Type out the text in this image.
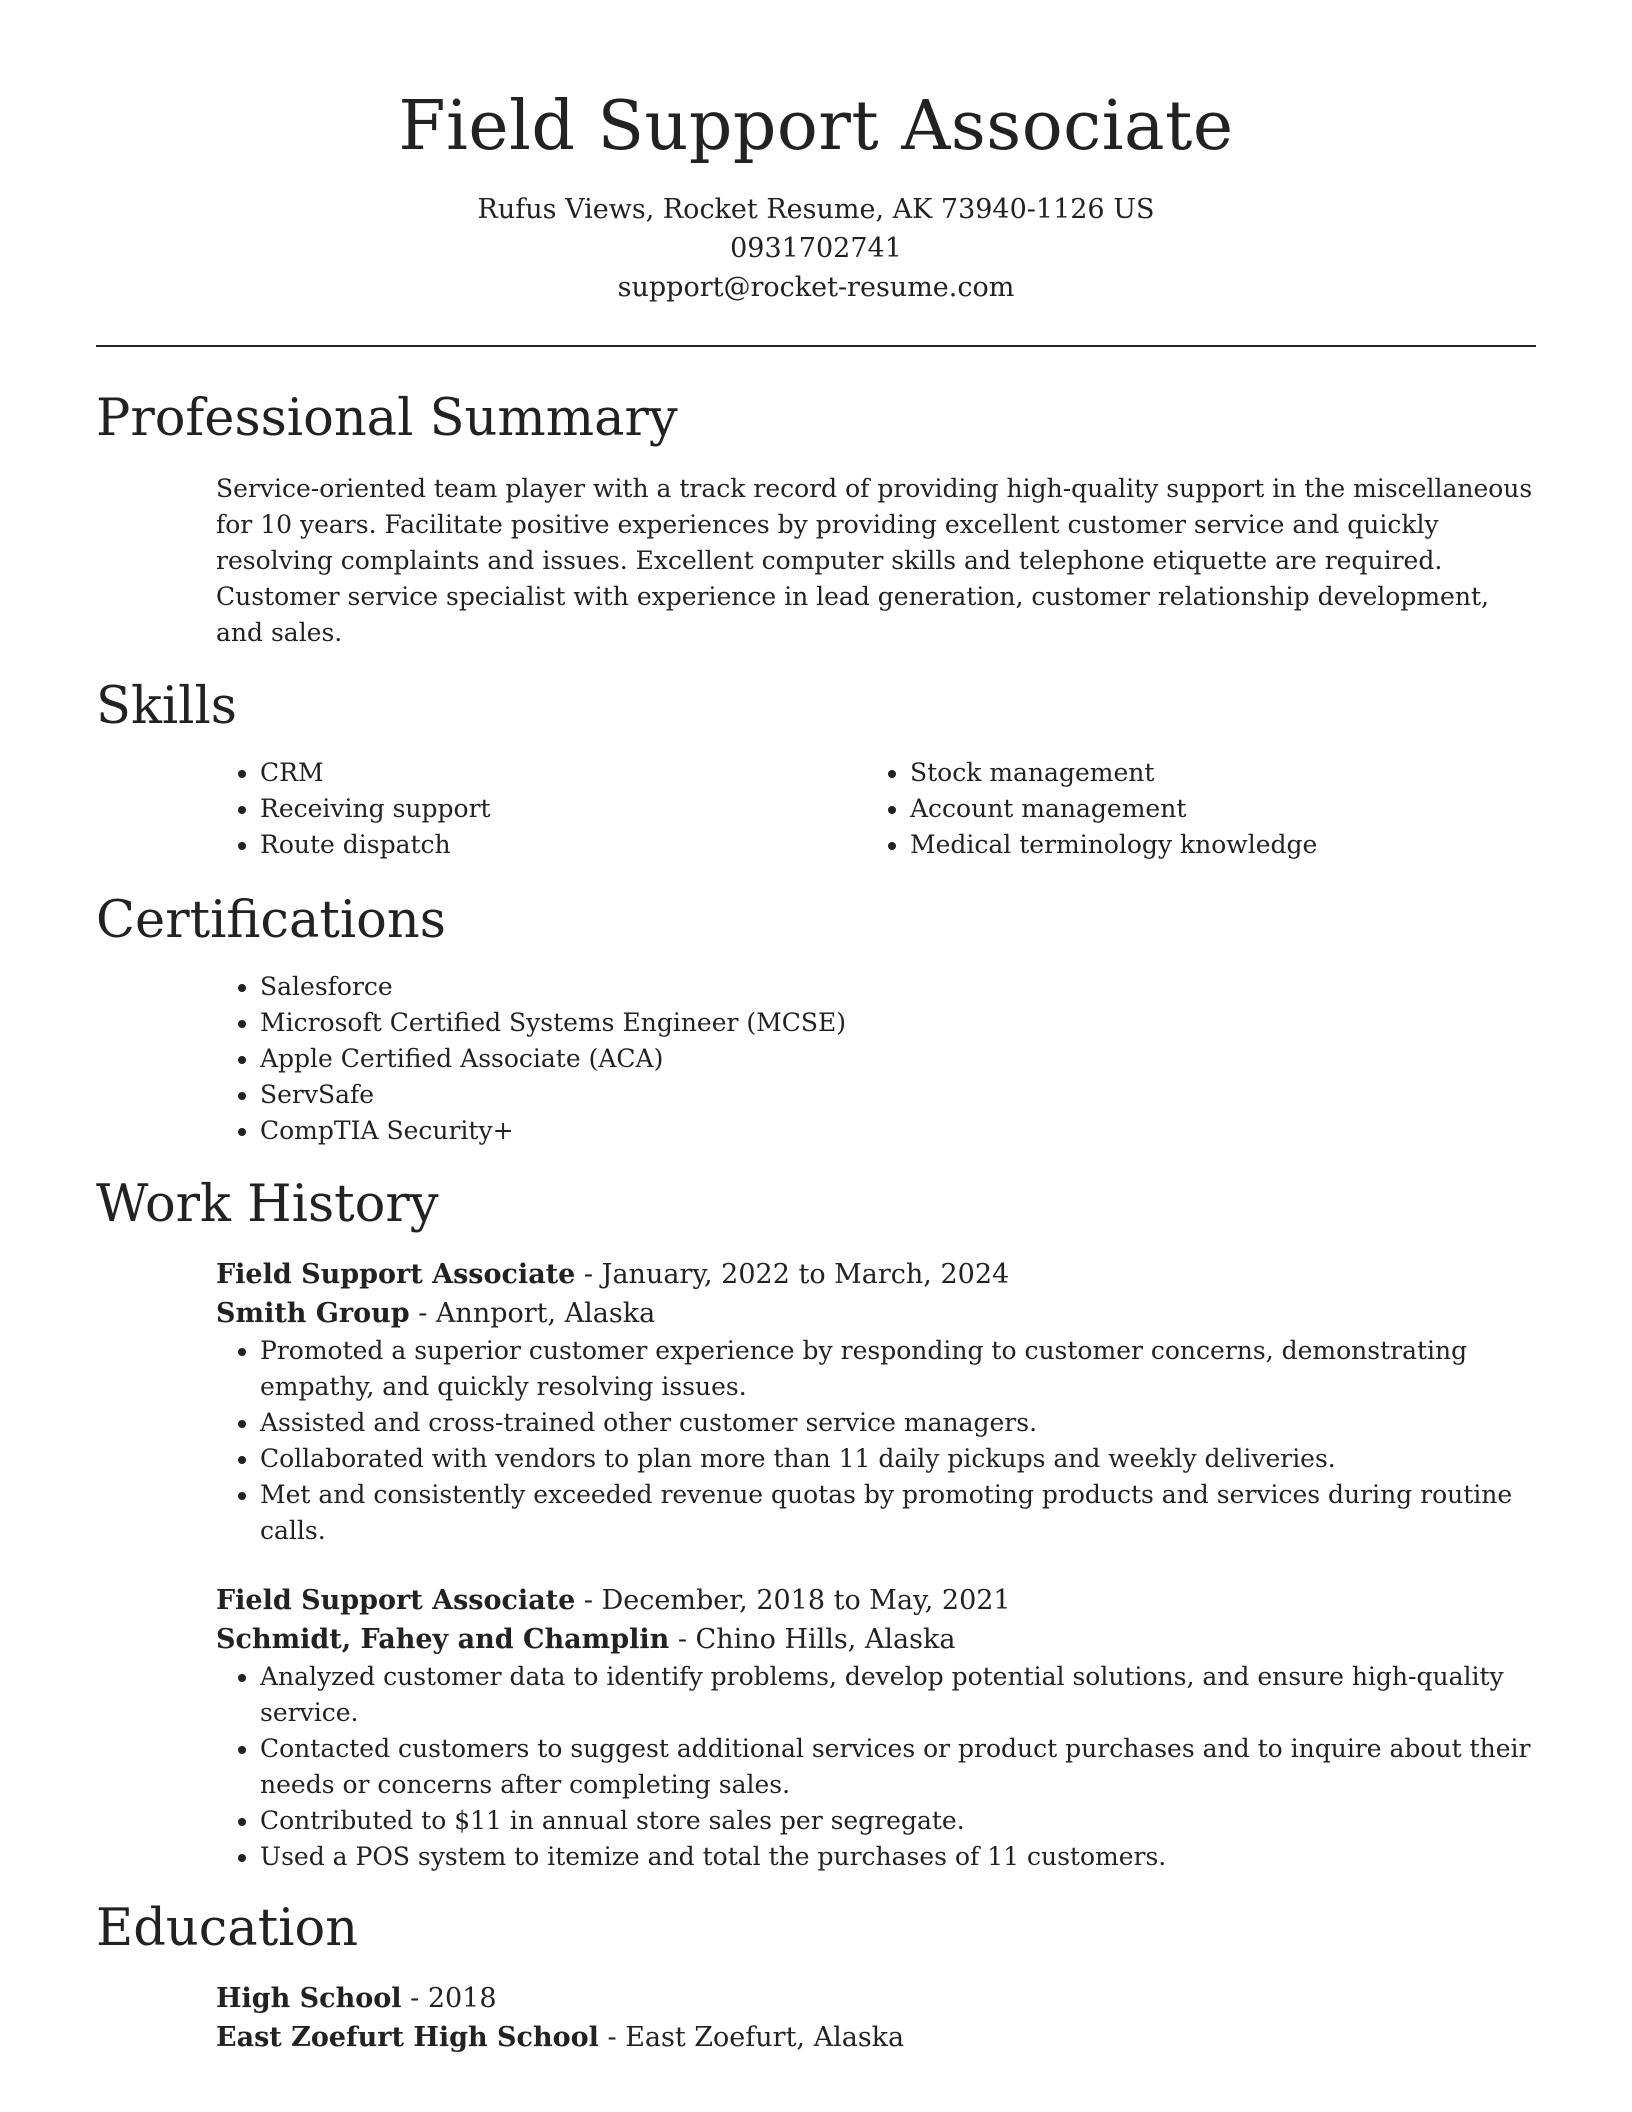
Field Support Associate
Rufus Views, Rocket Resume, AK 73940-1126 US
0931702741
support@rocket-resume.com
Professional Summary
Service-oriented team player with a track record of providing high-quality support in the miscellaneous for 10 years. Facilitate positive experiences by providing excellent customer service and quickly resolving complaints and issues. Excellent computer skills and telephone etiquette are required. Customer service specialist with experience in lead generation, customer relationship development, and sales.
Skills
• CRM
• Receiving support
• Route dispatch
• Stock management
• Account management
• Medical terminology knowledge
Certifications
• Salesforce
• Microsoft Certified Systems Engineer (MCSE)
• Apple Certified Associate (ACA)
• ServSafe
• CompTIA Security+
Work History
Field Support Associate - January, 2022 to March, 2024
Smith Group - Annport, Alaska
• Promoted a superior customer experience by responding to customer concerns, demonstrating empathy, and quickly resolving issues.
• Assisted and cross-trained other customer service managers.
• Collaborated with vendors to plan more than 11 daily pickups and weekly deliveries.
• Met and consistently exceeded revenue quotas by promoting products and services during routine calls.
Field Support Associate - December, 2018 to May, 2021
Schmidt, Fahey and Champlin - Chino Hills, Alaska
• Analyzed customer data to identify problems, develop potential solutions, and ensure high-quality service.
• Contacted customers to suggest additional services or product purchases and to inquire about their needs or concerns after completing sales.
• Contributed to $11 in annual store sales per segregate.
• Used a POS system to itemize and total the purchases of 11 customers.
Education
High School - 2018
East Zoefurt High School - East Zoefurt, Alaska
